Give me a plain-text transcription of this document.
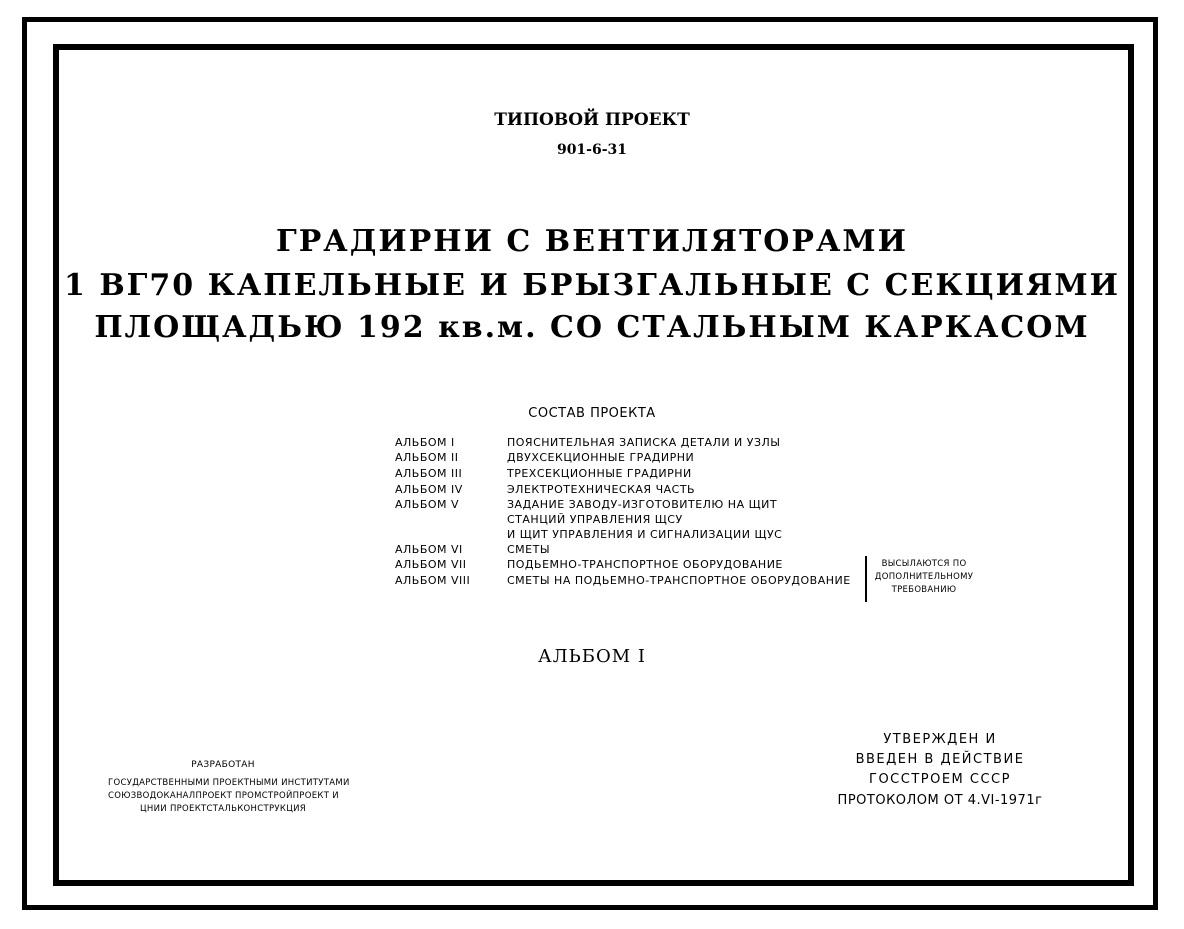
ТИПОВОЙ ПРОЕКТ
901-6-31
ГРАДИРНИ С ВЕНТИЛЯТОРАМИ
1 ВГ70 КАПЕЛЬНЫЕ И БРЫЗГАЛЬНЫЕ С СЕКЦИЯМИ
ПЛОЩАДЬЮ 192 кв.м. СО СТАЛЬНЫМ КАРКАСОМ
СОСТАВ ПРОЕКТА
АЛЬБОМ I	ПОЯСНИТЕЛЬНАЯ ЗАПИСКА ДЕТАЛИ И УЗЛЫ
АЛЬБОМ II	ДВУХСЕКЦИОННЫЕ ГРАДИРНИ
АЛЬБОМ III	ТРЕХСЕКЦИОННЫЕ ГРАДИРНИ
АЛЬБОМ IV	ЭЛЕКТРОТЕХНИЧЕСКАЯ ЧАСТЬ
АЛЬБОМ V	ЗАДАНИЕ ЗАВОДУ-ИЗГОТОВИТЕЛЮ НА ЩИТ
СТАНЦИЙ УПРАВЛЕНИЯ ЩСУ
И ЩИТ УПРАВЛЕНИЯ И СИГНАЛИЗАЦИИ ЩУС
АЛЬБОМ VI	СМЕТЫ
АЛЬБОМ VII	ПОДЬЕМНО-ТРАНСПОРТНОЕ ОБОРУДОВАНИЕ
АЛЬБОМ VIII	СМЕТЫ НА ПОДЬЕМНО-ТРАНСПОРТНОЕ ОБОРУДОВАНИЕ
ВЫСЫЛАЮТСЯ ПО
ДОПОЛНИТЕЛЬНОМУ
ТРЕБОВАНИЮ
АЛЬБОМ I
РАЗРАБОТАН
ГОСУДАРСТВЕННЫМИ ПРОЕКТНЫМИ ИНСТИТУТАМИ
СОЮЗВОДОКАНАЛПРОЕКТ ПРОМСТРОЙПРОЕКТ И
ЦНИИ ПРОЕКТСТАЛЬКОНСТРУКЦИЯ
УТВЕРЖДЕН И
ВВЕДЕН В ДЕЙСТВИЕ
ГОССТРОЕМ СССР
ПРОТОКОЛОМ ОТ 4.VI-1971г
